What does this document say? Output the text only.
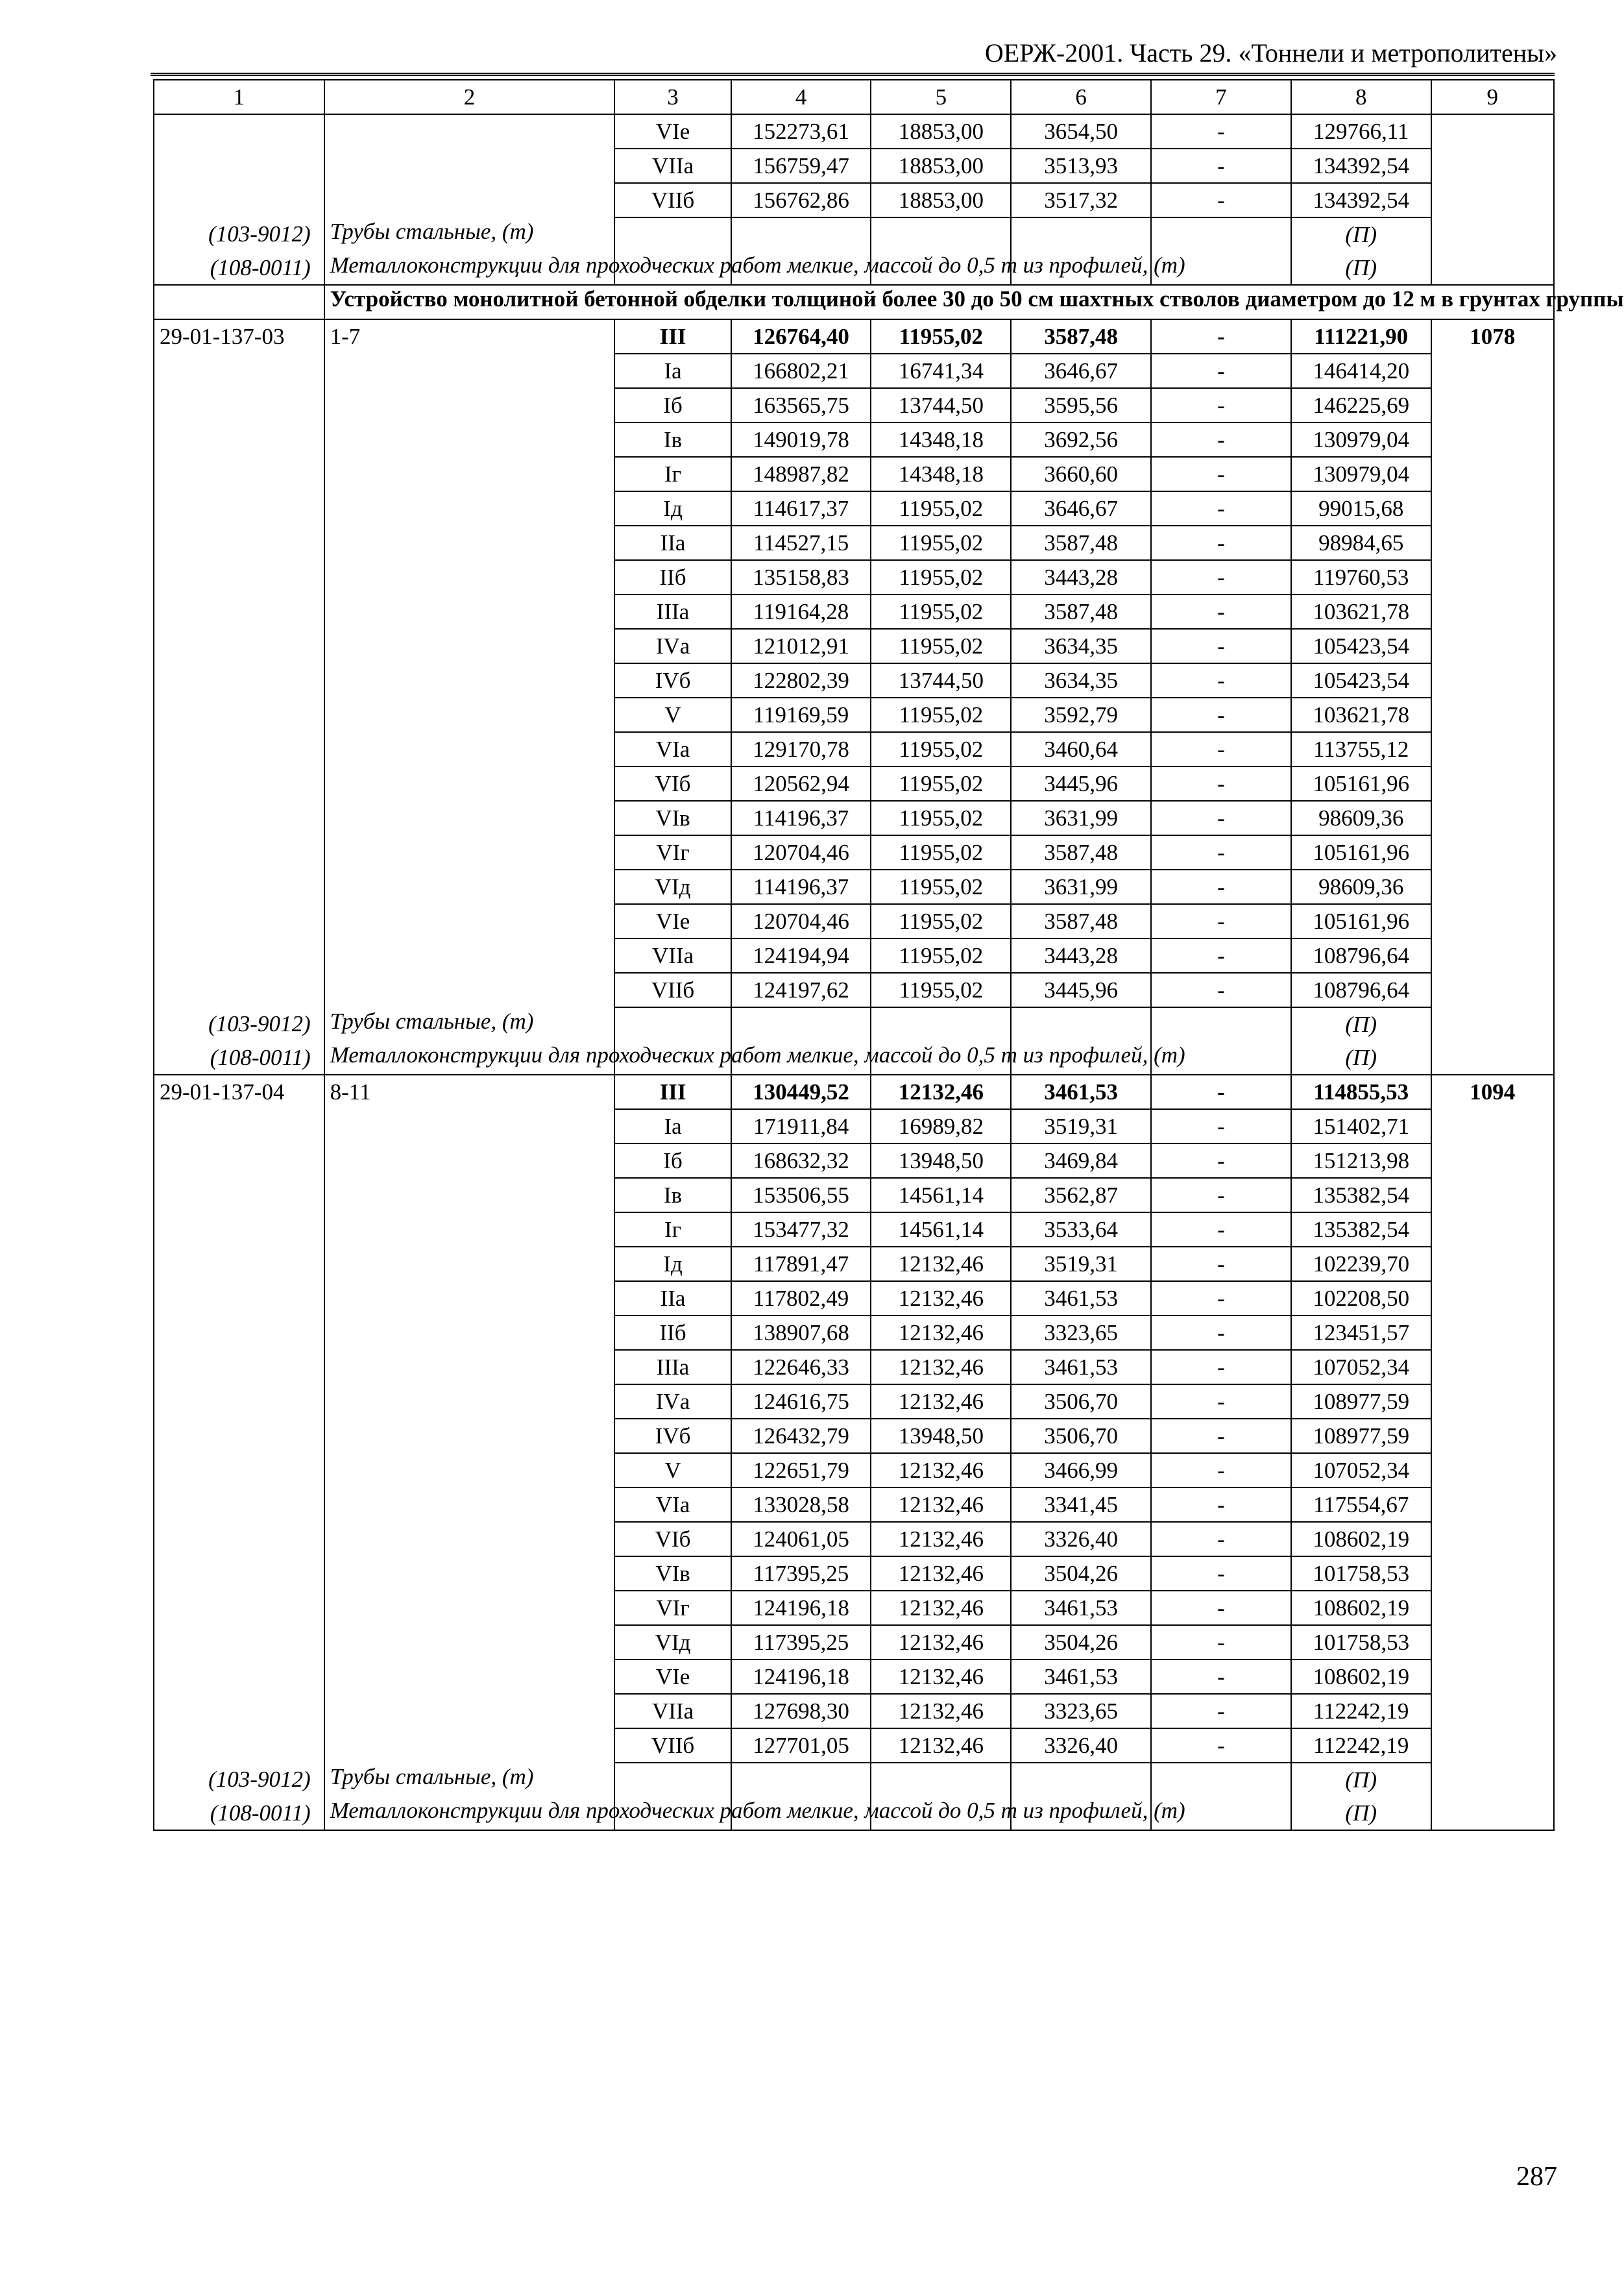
ОЕРЖ-2001. Часть 29. «Тоннели и метрополитены»
1	2	3	4	5	6	7	8	9
		VIе	152273,61	18853,00	3654,50	-	129766,11	
		VIIа	156759,47	18853,00	3513,93	-	134392,54	
		VIIб	156762,86	18853,00	3517,32	-	134392,54	
(103-9012)	Трубы стальные, (т)						(П)	
(108-0011)	Металлоконструкции для проходческих работ мелкие, массой до 0,5 т из профилей, (т)						(П)	
	Устройство монолитной бетонной обделки толщиной более 30 до 50 см шахтных стволов диаметром до 12 м в грунтах группы							
29-01-137-03	1-7	III	126764,40	11955,02	3587,48	-	111221,90	1078
		Iа	166802,21	16741,34	3646,67	-	146414,20	
		Iб	163565,75	13744,50	3595,56	-	146225,69	
		Iв	149019,78	14348,18	3692,56	-	130979,04	
		Iг	148987,82	14348,18	3660,60	-	130979,04	
		Iд	114617,37	11955,02	3646,67	-	99015,68	
		IIа	114527,15	11955,02	3587,48	-	98984,65	
		IIб	135158,83	11955,02	3443,28	-	119760,53	
		IIIа	119164,28	11955,02	3587,48	-	103621,78	
		IVа	121012,91	11955,02	3634,35	-	105423,54	
		IVб	122802,39	13744,50	3634,35	-	105423,54	
		V	119169,59	11955,02	3592,79	-	103621,78	
		VIа	129170,78	11955,02	3460,64	-	113755,12	
		VIб	120562,94	11955,02	3445,96	-	105161,96	
		VIв	114196,37	11955,02	3631,99	-	98609,36	
		VIг	120704,46	11955,02	3587,48	-	105161,96	
		VIд	114196,37	11955,02	3631,99	-	98609,36	
		VIе	120704,46	11955,02	3587,48	-	105161,96	
		VIIа	124194,94	11955,02	3443,28	-	108796,64	
		VIIб	124197,62	11955,02	3445,96	-	108796,64	
(103-9012)	Трубы стальные, (т)						(П)	
(108-0011)	Металлоконструкции для проходческих работ мелкие, массой до 0,5 т из профилей, (т)						(П)	
29-01-137-04	8-11	III	130449,52	12132,46	3461,53	-	114855,53	1094
		Iа	171911,84	16989,82	3519,31	-	151402,71	
		Iб	168632,32	13948,50	3469,84	-	151213,98	
		Iв	153506,55	14561,14	3562,87	-	135382,54	
		Iг	153477,32	14561,14	3533,64	-	135382,54	
		Iд	117891,47	12132,46	3519,31	-	102239,70	
		IIа	117802,49	12132,46	3461,53	-	102208,50	
		IIб	138907,68	12132,46	3323,65	-	123451,57	
		IIIа	122646,33	12132,46	3461,53	-	107052,34	
		IVа	124616,75	12132,46	3506,70	-	108977,59	
		IVб	126432,79	13948,50	3506,70	-	108977,59	
		V	122651,79	12132,46	3466,99	-	107052,34	
		VIа	133028,58	12132,46	3341,45	-	117554,67	
		VIб	124061,05	12132,46	3326,40	-	108602,19	
		VIв	117395,25	12132,46	3504,26	-	101758,53	
		VIг	124196,18	12132,46	3461,53	-	108602,19	
		VIд	117395,25	12132,46	3504,26	-	101758,53	
		VIе	124196,18	12132,46	3461,53	-	108602,19	
		VIIа	127698,30	12132,46	3323,65	-	112242,19	
		VIIб	127701,05	12132,46	3326,40	-	112242,19	
(103-9012)	Трубы стальные, (т)						(П)	
(108-0011)	Металлоконструкции для проходческих работ мелкие, массой до 0,5 т из профилей, (т)						(П)	
287
